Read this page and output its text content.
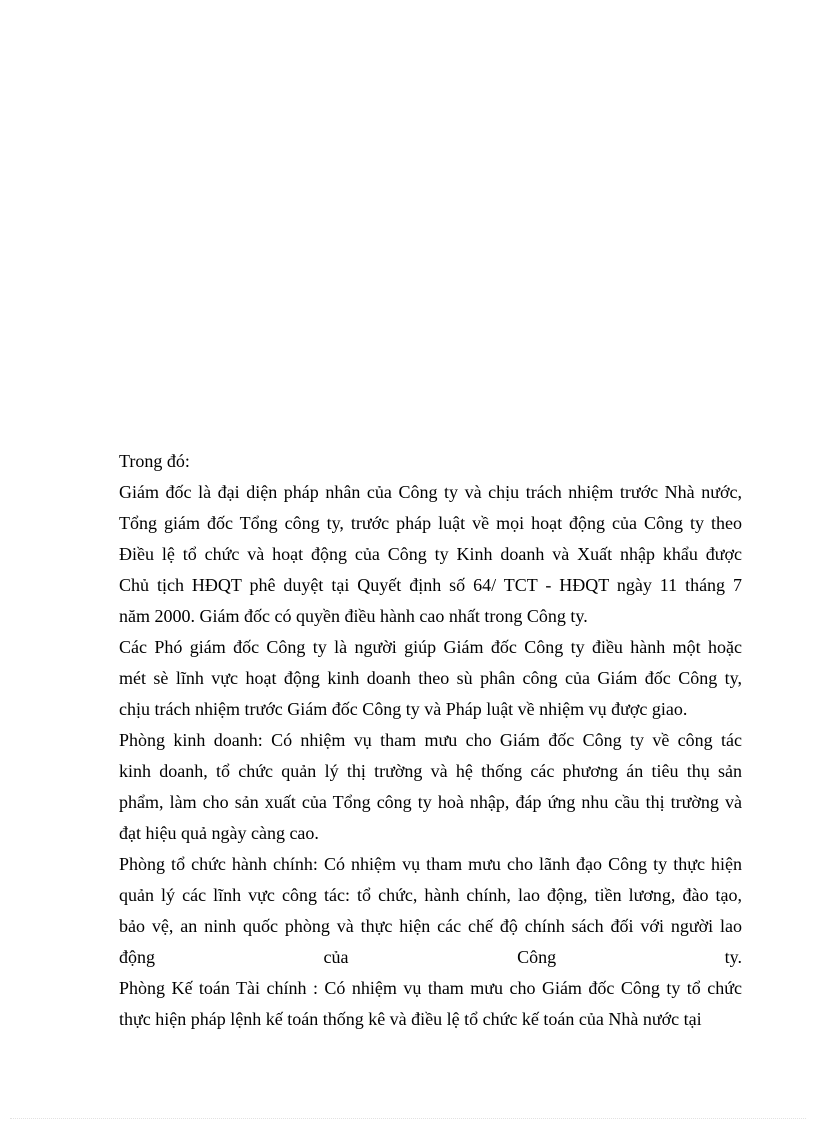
Trong đó:
Giám đốc là đại diện pháp nhân của Công ty và chịu trách nhiệm trước Nhà nước,
Tổng giám đốc Tổng công ty, trước pháp luật về mọi hoạt động của Công ty theo
Điều lệ tổ chức và hoạt động của Công ty Kinh doanh và Xuất nhập khẩu được
Chủ tịch HĐQT phê duyệt tại Quyết định số 64/ TCT - HĐQT ngày 11 tháng 7
năm 2000. Giám đốc có quyền điều hành cao nhất trong Công ty.
Các Phó giám đốc Công ty là người giúp Giám đốc Công ty điều hành một hoặc
mét sè lĩnh vực hoạt động kinh doanh theo sù phân công của Giám đốc Công ty,
chịu trách nhiệm trước Giám đốc Công ty và Pháp luật về nhiệm vụ được giao.
Phòng kinh doanh: Có nhiệm vụ tham mưu cho Giám đốc Công ty về công tác
kinh doanh, tổ chức quản lý thị trường và hệ thống các phương án tiêu thụ sản
phẩm, làm cho sản xuất của Tổng công ty hoà nhập, đáp ứng nhu cầu thị trường và
đạt hiệu quả ngày càng cao.
Phòng tổ chức hành chính: Có nhiệm vụ tham mưu cho lãnh đạo Công ty thực hiện
quản lý các lĩnh vực công tác: tổ chức, hành chính, lao động, tiền lương, đào tạo,
bảo vệ, an ninh quốc phòng và thực hiện các chế độ chính sách đối với người lao
động của Công ty.
Phòng Kế toán Tài chính : Có nhiệm vụ tham mưu cho Giám đốc Công ty tổ chức
thực hiện pháp lệnh kế toán thống kê và điều lệ tổ chức kế toán của Nhà nước tại
